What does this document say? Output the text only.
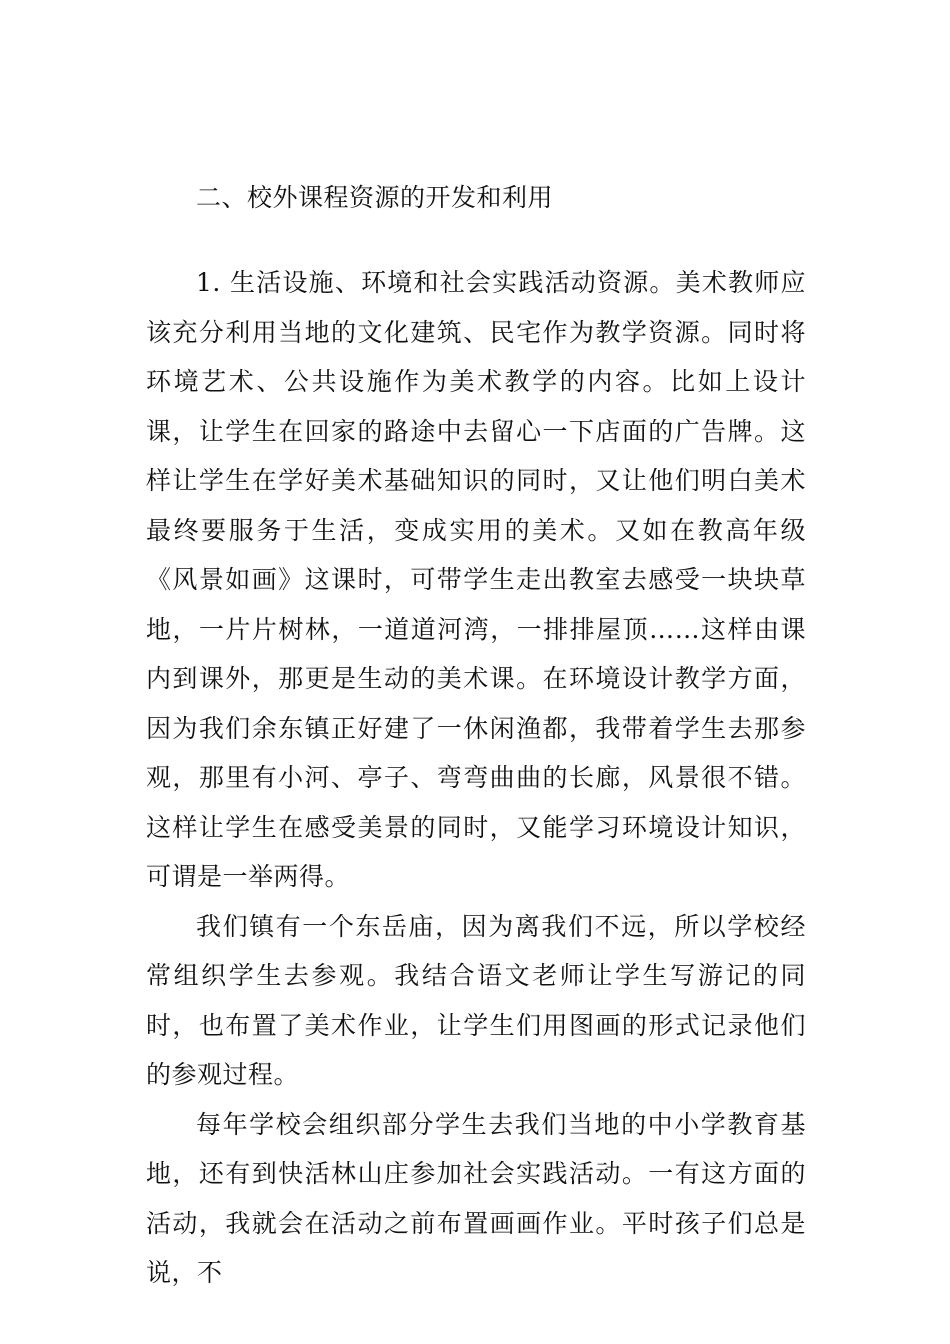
二、校外课程资源的开发和利用

1. 生活设施、环境和社会实践活动资源。美术教师应该充分利用当地的文化建筑、民宅作为教学资源。同时将环境艺术、公共设施作为美术教学的内容。比如上设计课，让学生在回家的路途中去留心一下店面的广告牌。这样让学生在学好美术基础知识的同时，又让他们明白美术最终要服务于生活，变成实用的美术。又如在教高年级《风景如画》这课时，可带学生走出教室去感受一块块草地，一片片树林，一道道河湾，一排排屋顶……这样由课内到课外，那更是生动的美术课。在环境设计教学方面，因为我们余东镇正好建了一休闲渔都，我带着学生去那参观，那里有小河、亭子、弯弯曲曲的长廊，风景很不错。这样让学生在感受美景的同时，又能学习环境设计知识，可谓是一举两得。

我们镇有一个东岳庙，因为离我们不远，所以学校经常组织学生去参观。我结合语文老师让学生写游记的同时，也布置了美术作业，让学生们用图画的形式记录他们的参观过程。

每年学校会组织部分学生去我们当地的中小学教育基地，还有到快活林山庄参加社会实践活动。一有这方面的活动，我就会在活动之前布置画画作业。平时孩子们总是说，不
